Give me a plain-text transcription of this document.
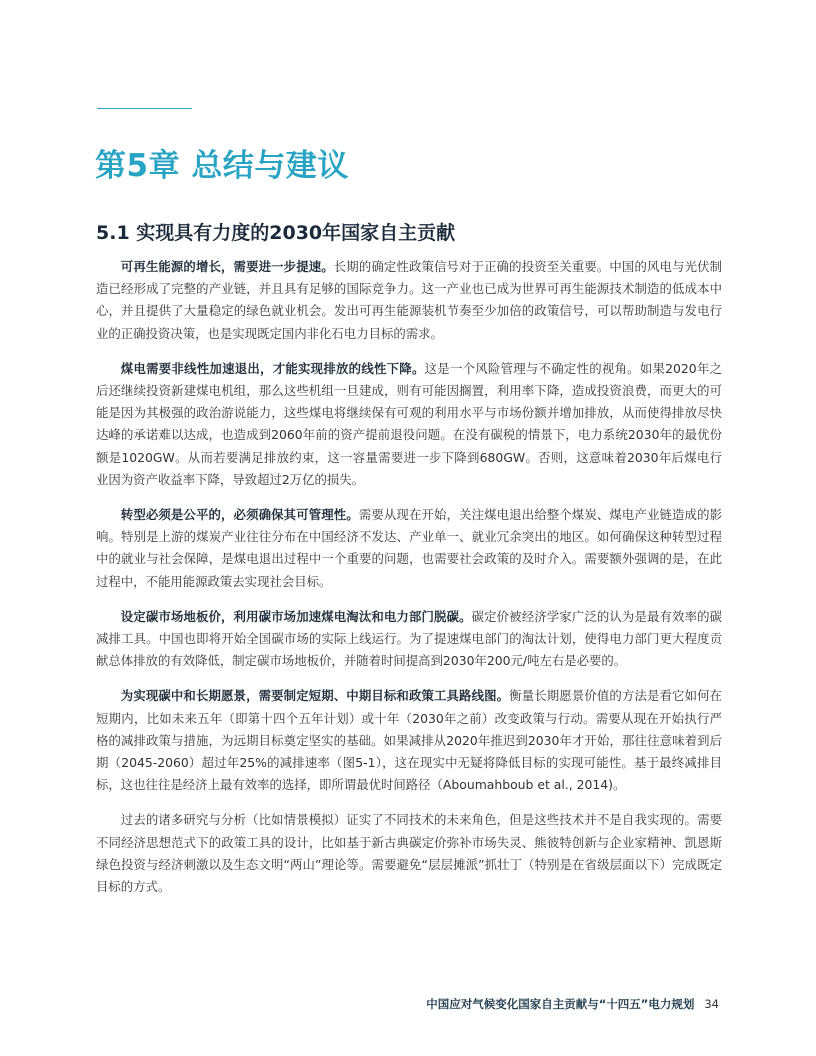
第5章 总结与建议
5.1 实现具有力度的2030年国家自主贡献

可再生能源的增长，需要进一步提速。长期的确定性政策信号对于正确的投资至关重要。中国的风电与光伏制造已经形成了完整的产业链，并且具有足够的国际竞争力。这一产业也已成为世界可再生能源技术制造的低成本中心，并且提供了大量稳定的绿色就业机会。发出可再生能源装机节奏至少加倍的政策信号，可以帮助制造与发电行业的正确投资决策，也是实现既定国内非化石电力目标的需求。

煤电需要非线性加速退出，才能实现排放的线性下降。这是一个风险管理与不确定性的视角。如果2020年之后还继续投资新建煤电机组，那么这些机组一旦建成，则有可能因搁置，利用率下降，造成投资浪费，而更大的可能是因为其极强的政治游说能力，这些煤电将继续保有可观的利用水平与市场份额并增加排放，从而使得排放尽快达峰的承诺难以达成，也造成到2060年前的资产提前退役问题。在没有碳税的情景下，电力系统2030年的最优份额是1020GW。从而若要满足排放约束，这一容量需要进一步下降到680GW。否则，这意味着2030年后煤电行业因为资产收益率下降，导致超过2万亿的损失。

转型必须是公平的，必须确保其可管理性。需要从现在开始，关注煤电退出给整个煤炭、煤电产业链造成的影响。特别是上游的煤炭产业往往分布在中国经济不发达、产业单一、就业冗余突出的地区。如何确保这种转型过程中的就业与社会保障，是煤电退出过程中一个重要的问题，也需要社会政策的及时介入。需要额外强调的是，在此过程中，不能用能源政策去实现社会目标。

设定碳市场地板价，利用碳市场加速煤电淘汰和电力部门脱碳。碳定价被经济学家广泛的认为是最有效率的碳减排工具。中国也即将开始全国碳市场的实际上线运行。为了提速煤电部门的淘汰计划，使得电力部门更大程度贡献总体排放的有效降低，制定碳市场地板价，并随着时间提高到2030年200元/吨左右是必要的。

为实现碳中和长期愿景，需要制定短期、中期目标和政策工具路线图。衡量长期愿景价值的方法是看它如何在短期内，比如未来五年（即第十四个五年计划）或十年（2030年之前）改变政策与行动。需要从现在开始执行严格的减排政策与措施，为远期目标奠定坚实的基础。如果减排从2020年推迟到2030年才开始，那往往意味着到后期（2045-2060）超过年25%的减排速率（图5-1），这在现实中无疑将降低目标的实现可能性。基于最终减排目标，这也往往是经济上最有效率的选择，即所谓最优时间路径（Aboumahboub et al., 2014)。

过去的诸多研究与分析（比如情景模拟）证实了不同技术的未来角色，但是这些技术并不是自我实现的。需要不同经济思想范式下的政策工具的设计，比如基于新古典碳定价弥补市场失灵、熊彼特创新与企业家精神、凯恩斯绿色投资与经济刺激以及生态文明“两山”理论等。需要避免“层层摊派”抓壮丁（特别是在省级层面以下）完成既定目标的方式。

中国应对气候变化国家自主贡献与“十四五”电力规划 34
